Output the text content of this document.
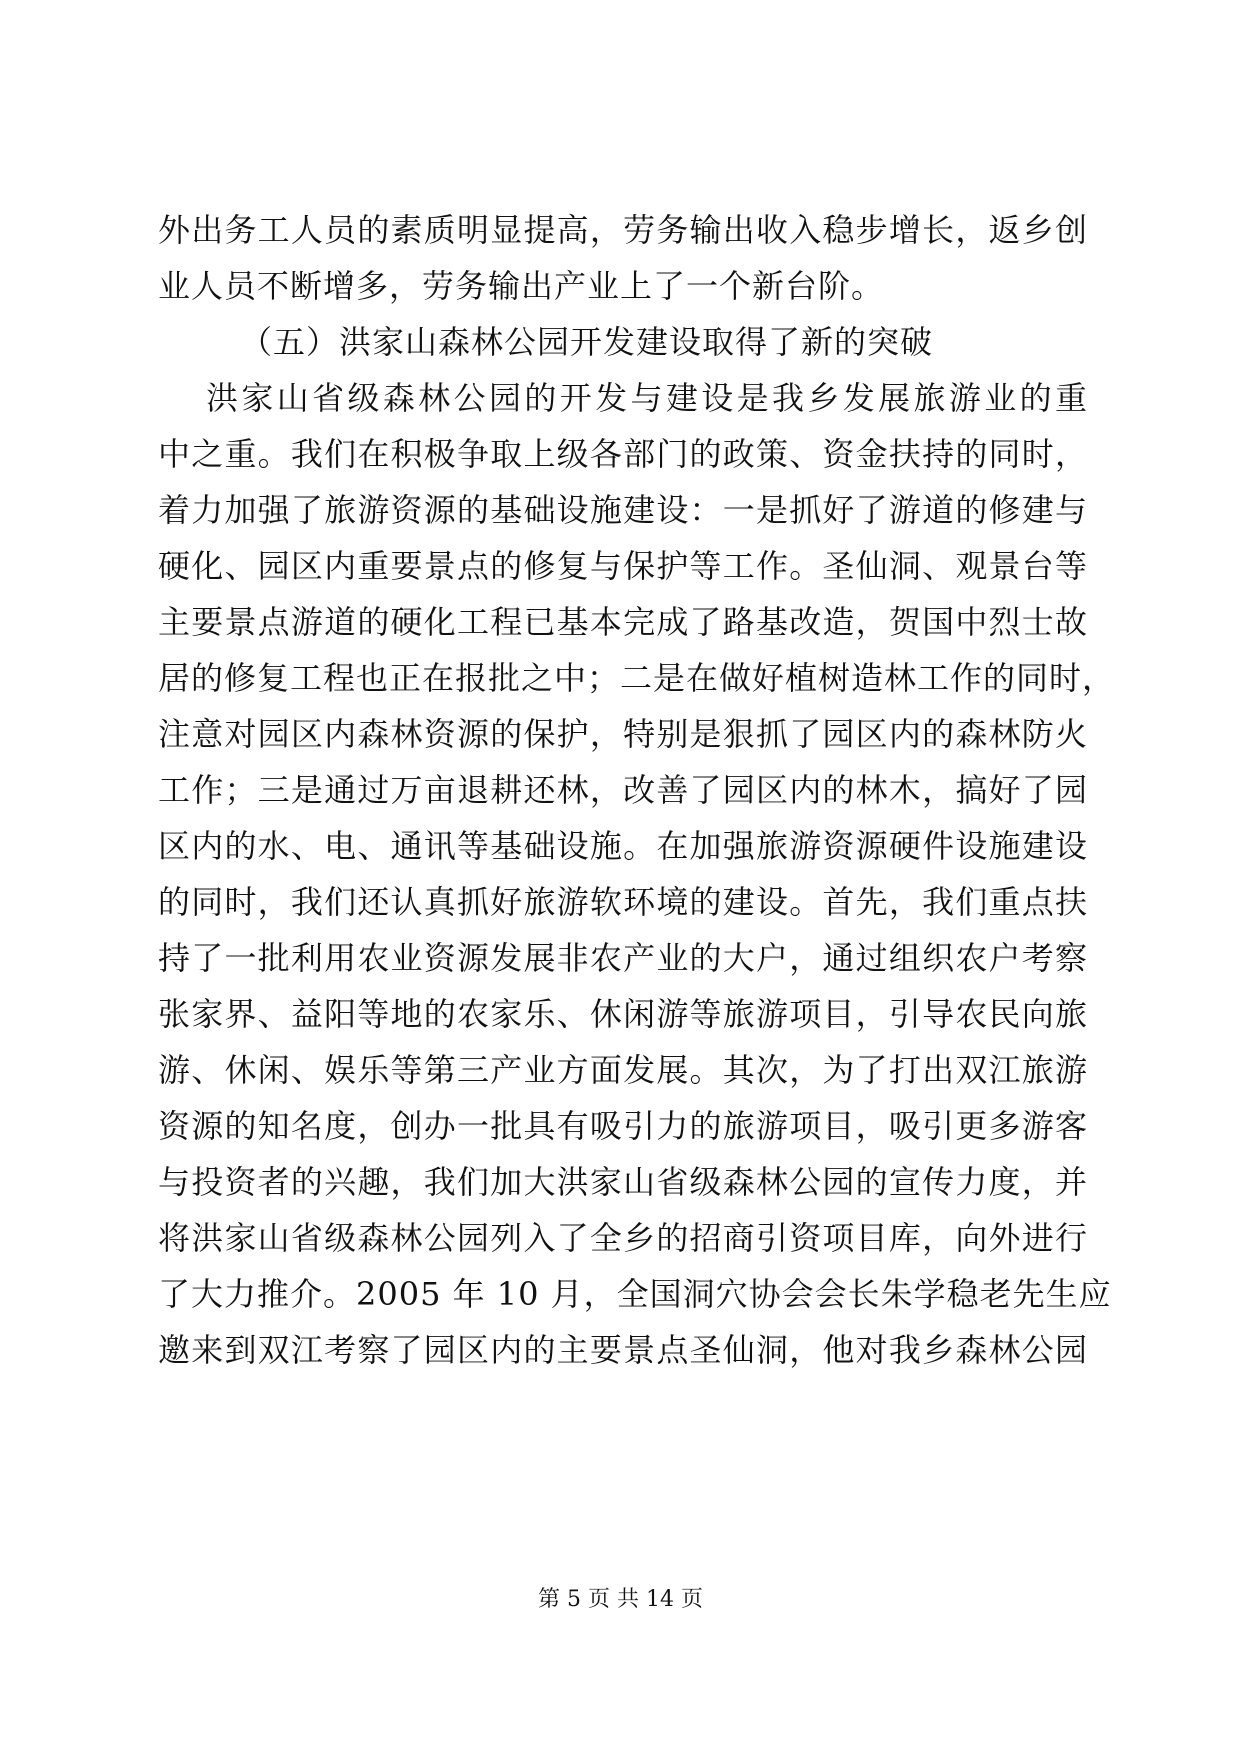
外出务工人员的素质明显提高，劳务输出收入稳步增长，返乡创
业人员不断增多，劳务输出产业上了一个新台阶。
（五）洪家山森林公园开发建设取得了新的突破
洪家山省级森林公园的开发与建设是我乡发展旅游业的重
中之重。我们在积极争取上级各部门的政策、资金扶持的同时，
着力加强了旅游资源的基础设施建设：一是抓好了游道的修建与
硬化、园区内重要景点的修复与保护等工作。圣仙洞、观景台等
主要景点游道的硬化工程已基本完成了路基改造，贺国中烈士故
居的修复工程也正在报批之中；二是在做好植树造林工作的同时，
注意对园区内森林资源的保护，特别是狠抓了园区内的森林防火
工作；三是通过万亩退耕还林，改善了园区内的林木，搞好了园
区内的水、电、通讯等基础设施。在加强旅游资源硬件设施建设
的同时，我们还认真抓好旅游软环境的建设。首先，我们重点扶
持了一批利用农业资源发展非农产业的大户，通过组织农户考察
张家界、益阳等地的农家乐、休闲游等旅游项目，引导农民向旅
游、休闲、娱乐等第三产业方面发展。其次，为了打出双江旅游
资源的知名度，创办一批具有吸引力的旅游项目，吸引更多游客
与投资者的兴趣，我们加大洪家山省级森林公园的宣传力度，并
将洪家山省级森林公园列入了全乡的招商引资项目库，向外进行
了大力推介。2005 年 10 月，全国洞穴协会会长朱学稳老先生应
邀来到双江考察了园区内的主要景点圣仙洞，他对我乡森林公园
第 5 页 共 14 页
